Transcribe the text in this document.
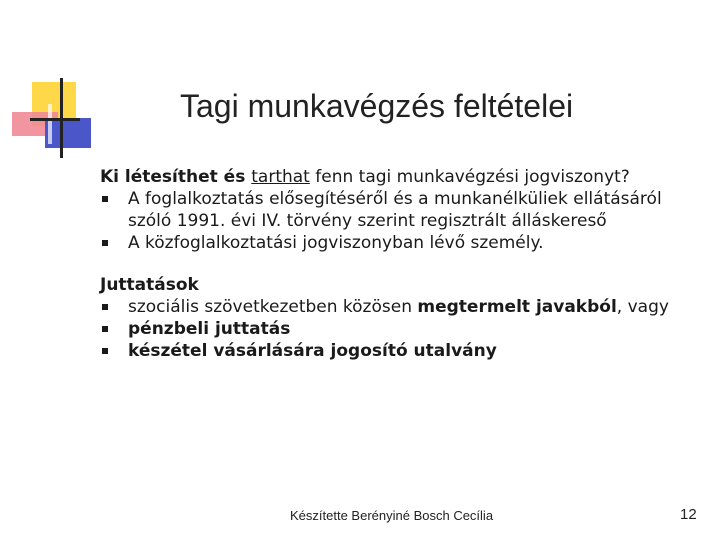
Tagi munkavégzés feltételei

Ki létesíthet és tarthat fenn tagi munkavégzési jogviszonyt?

A foglalkoztatás elősegítéséről és a munkanélküliek ellátásáról szóló 1991. évi IV. törvény szerint regisztrált álláskereső

A közfoglalkoztatási jogviszonyban lévő személy.

Juttatások

szociális szövetkezetben közösen megtermelt javakból, vagy

pénzbeli juttatás

készétel vásárlására jogosító utalvány

Készítette Berényiné Bosch Cecília	12
